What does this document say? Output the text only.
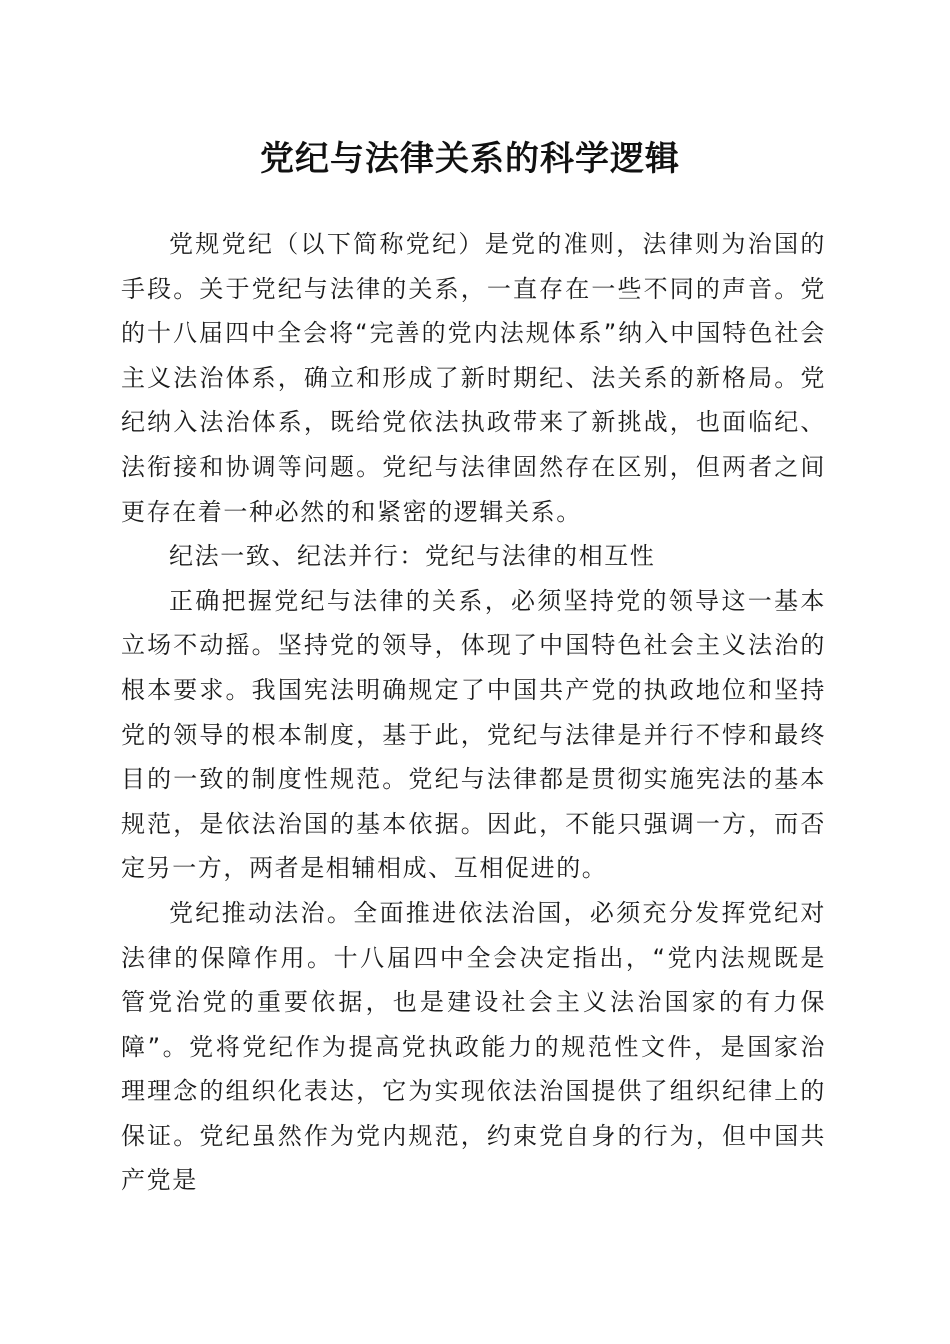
党纪与法律关系的科学逻辑

党规党纪（以下简称党纪）是党的准则，法律则为治国的手段。关于党纪与法律的关系，一直存在一些不同的声音。党的十八届四中全会将“完善的党内法规体系”纳入中国特色社会主义法治体系，确立和形成了新时期纪、法关系的新格局。党纪纳入法治体系，既给党依法执政带来了新挑战，也面临纪、法衔接和协调等问题。党纪与法律固然存在区别，但两者之间更存在着一种必然的和紧密的逻辑关系。

纪法一致、纪法并行：党纪与法律的相互性

正确把握党纪与法律的关系，必须坚持党的领导这一基本立场不动摇。坚持党的领导，体现了中国特色社会主义法治的根本要求。我国宪法明确规定了中国共产党的执政地位和坚持党的领导的根本制度，基于此，党纪与法律是并行不悖和最终目的一致的制度性规范。党纪与法律都是贯彻实施宪法的基本规范，是依法治国的基本依据。因此，不能只强调一方，而否定另一方，两者是相辅相成、互相促进的。

党纪推动法治。全面推进依法治国，必须充分发挥党纪对法律的保障作用。十八届四中全会决定指出，“党内法规既是管党治党的重要依据，也是建设社会主义法治国家的有力保障”。党将党纪作为提高党执政能力的规范性文件，是国家治理理念的组织化表达，它为实现依法治国提供了组织纪律上的保证。党纪虽然作为党内规范，约束党自身的行为，但中国共产党是
